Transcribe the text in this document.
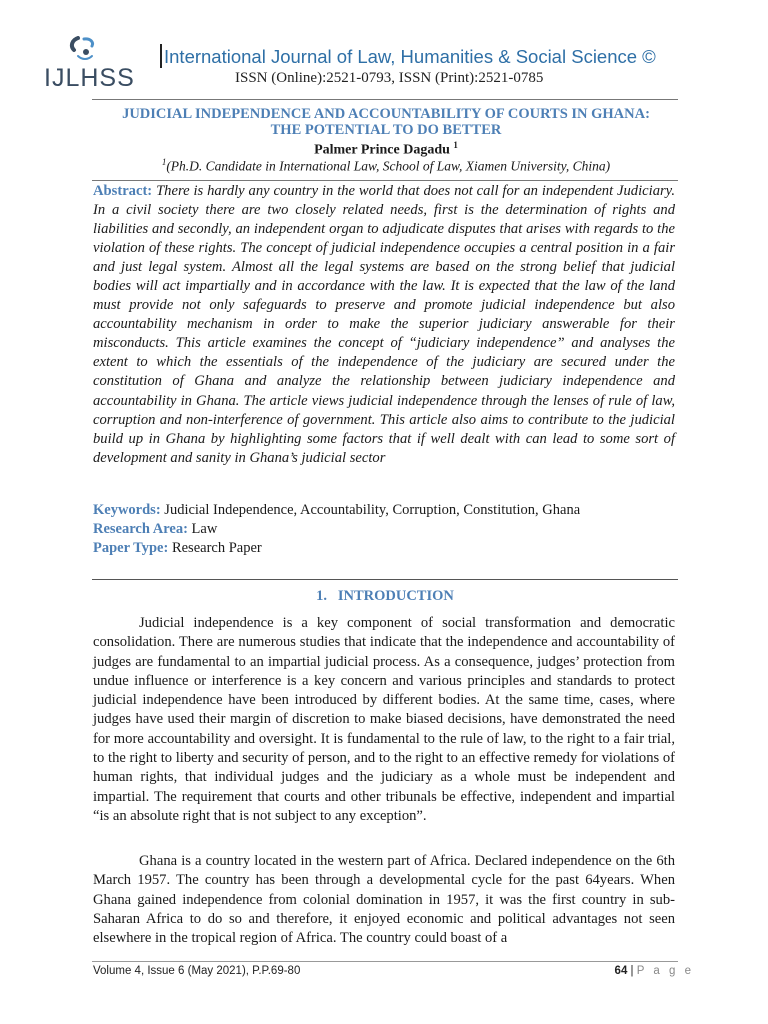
IJLHSS
International Journal of Law, Humanities & Social Science ©
ISSN (Online):2521-0793, ISSN (Print):2521-0785
JUDICIAL INDEPENDENCE AND ACCOUNTABILITY OF COURTS IN GHANA:
THE POTENTIAL TO DO BETTER
Palmer Prince Dagadu $^1$
$^1$(Ph.D. Candidate in International Law, School of Law, Xiamen University, China)
Abstract: There is hardly any country in the world that does not call for an independent Judiciary. In a civil society there are two closely related needs, first is the determination of rights and liabilities and secondly, an independent organ to adjudicate disputes that arises with regards to the violation of these rights. The concept of judicial independence occupies a central position in a fair and just legal system. Almost all the legal systems are based on the strong belief that judicial bodies will act impartially and in accordance with the law. It is expected that the law of the land must provide not only safeguards to preserve and promote judicial independence but also accountability mechanism in order to make the superior judiciary answerable for their misconducts. This article examines the concept of “judiciary independence” and analyses the extent to which the essentials of the independence of the judiciary are secured under the constitution of Ghana and analyze the relationship between judiciary independence and accountability in Ghana. The article views judicial independence through the lenses of rule of law, corruption and non-interference of government. This article also aims to contribute to the judicial build up in Ghana by highlighting some factors that if well dealt with can lead to some sort of development and sanity in Ghana’s judicial sector
Keywords: Judicial Independence, Accountability, Corruption, Constitution, Ghana
Research Area: Law
Paper Type: Research Paper
1.   INTRODUCTION
Judicial independence is a key component of social transformation and democratic consolidation. There are numerous studies that indicate that the independence and accountability of judges are fundamental to an impartial judicial process. As a consequence, judges’ protection from undue influence or interference is a key concern and various principles and standards to protect judicial independence have been introduced by different bodies. At the same time, cases, where judges have used their margin of discretion to make biased decisions, have demonstrated the need for more accountability and oversight. It is fundamental to the rule of law, to the right to a fair trial, to the right to liberty and security of person, and to the right to an effective remedy for violations of human rights, that individual judges and the judiciary as a whole must be independent and impartial. The requirement that courts and other tribunals be effective, independent and impartial “is an absolute right that is not subject to any exception”.
Ghana is a country located in the western part of Africa. Declared independence on the 6th March 1957. The country has been through a developmental cycle for the past 64years. When Ghana gained independence from colonial domination in 1957, it was the first country in sub-Saharan Africa to do so and therefore, it enjoyed economic and political advantages not seen elsewhere in the tropical region of Africa. The country could boast of a
Volume 4, Issue 6 (May 2021), P.P.69-80	64 | P a g e
